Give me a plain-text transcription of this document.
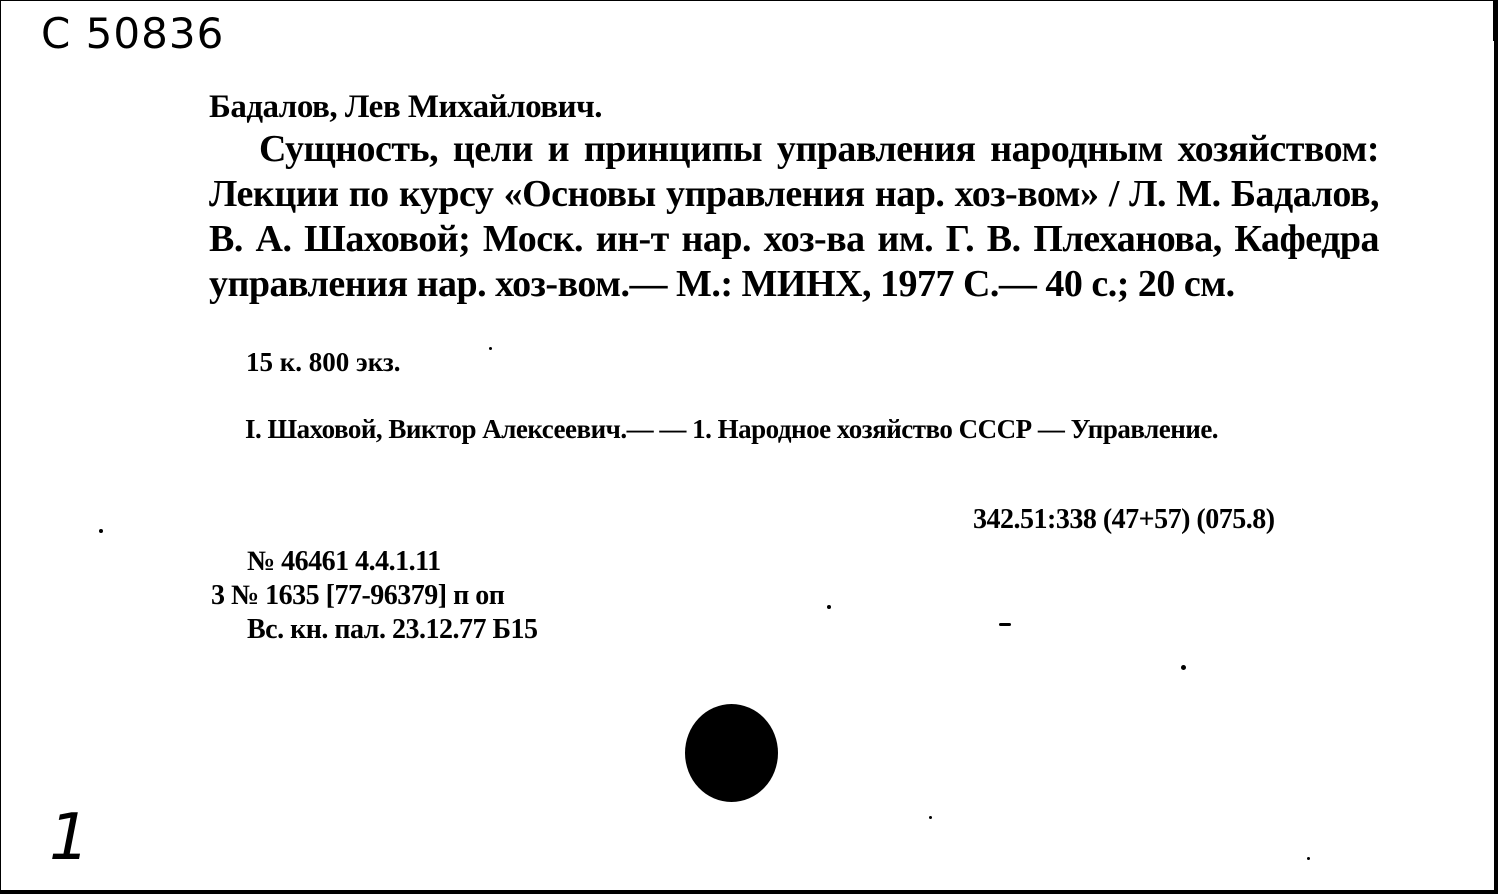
С 50836
Бадалов, Лев Михайлович.
Сущность, цели и принципы управления народным хозяйством: Лекции по курсу «Основы управления нар. хоз-вом» / Л. М. Бадалов, В. А. Шаховой; Моск. ин-т нар. хоз-ва им. Г. В. Плеханова, Кафедра управления нар. хоз-вом.— М.: МИНХ, 1977 С.— 40 с.; 20 см.
15 к. 800 экз.
I. Шаховой, Виктор Алексеевич.— — 1. Народное хозяйство СССР — Управление.
342.51:338 (47+57) (075.8)
№ 46461 4.4.1.11
3 № 1635 [77-96379] п оп
Вс. кн. пал. 23.12.77 Б15
1
